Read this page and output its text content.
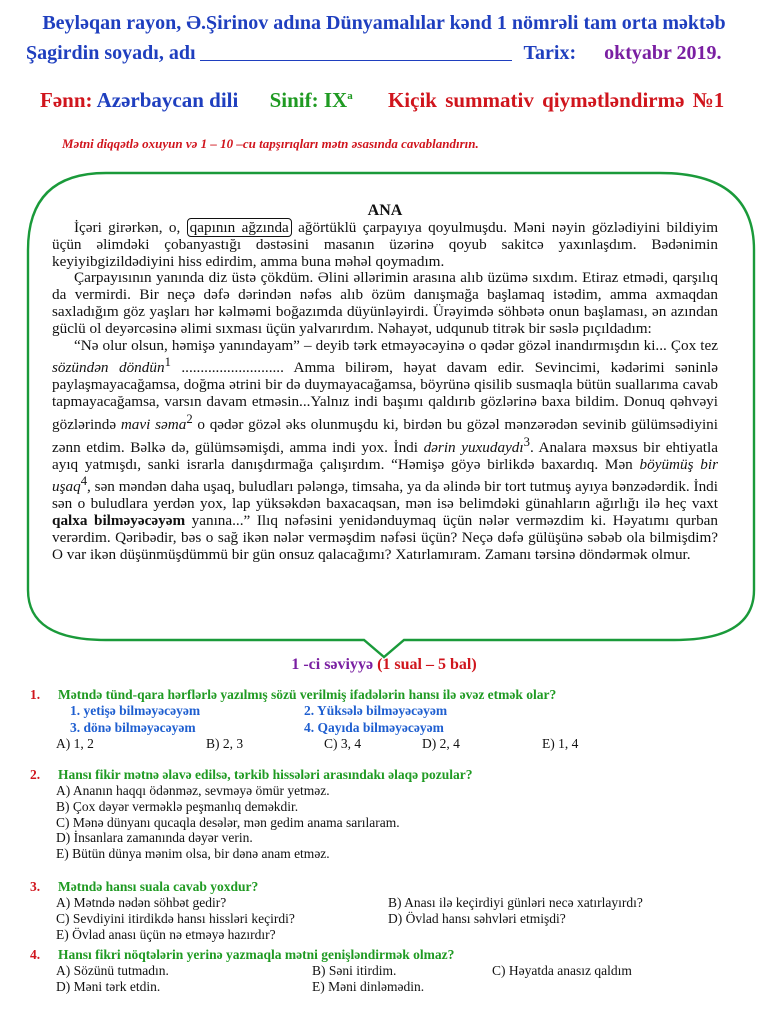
Beyləqan rayon, Ə.Şirinov adına Dünyamalılar kənd 1 nömrəli tam orta məktəb
Şagirdin soyadı, adı	Tarix: oktyabr 2019.
Fənn: Azərbaycan dili Sinif: $IX^a$ Kiçik summativ qiymətləndirmə №1
Mətni diqqətlə oxuyun və 1 – 10 –cu tapşırıqları mətn əsasında cavablandırın.
ANA

İçəri girərkən, o, qapının ağzında ağörtüklü çarpayıya qoyulmuşdu. Məni nəyin gözlədiyini bildiyim üçün əlimdəki çobanyastığı dəstəsini masanın üzərinə qoyub sakitcə yaxınlaşdım. Bədənimin keyiyibgizildədiyini hiss edirdim, amma buna məhəl qoymadım.

Çarpayısının yanında diz üstə çökdüm. Əlini əllərimin arasına alıb üzümə sıxdım. Etiraz etmədi, qarşılıq da vermirdi. Bir neçə dəfə dərindən nəfəs alıb özüm danışmağa başlamaq istədim, amma axmaqdan saxladığım göz yaşları hər kəlməmi boğazımda düyünləyirdi. Ürəyimdə söhbətə onun başlaması, ən azından güclü ol deyərcəsinə əlimi sıxması üçün yalvarırdım. Nəhayət, udqunub titrək bir səslə pıçıldadım:

“Nə olur olsun, həmişə yanındayam” – deyib tərk etməyəcəyinə o qədər gözəl inandırmışdın ki... Çox tez sözündən döndün$^1$ ........................... Amma bilirəm, həyat davam edir. Sevincimi, kədərimi səninlə paylaşmayacağamsa, doğma ətrini bir də duymayacağamsa, böyrünə qisilib susmaqla bütün suallarıma cavab tapmayacağamsa, varsın davam etməsin...Yalnız indi başımı qaldırıb gözlərinə baxa bildim. Donuq qəhvəyi gözlərində mavi səma$^2$ o qədər gözəl əks olunmuşdu ki, birdən bu gözəl mənzərədən sevinib gülümsədiyini zənn etdim. Bəlkə də, gülümsəmişdi, amma indi yox. İndi dərin yuxudaydı$^3$. Analara məxsus bir ehtiyatla ayıq yatmışdı, sanki israrla danışdırmağa çalışırdım. “Həmişə göyə birlikdə baxardıq. Mən böyümüş bir uşaq$^4$, sən məndən daha uşaq, buludları pələngə, timsaha, ya da əlində bir tort tutmuş ayıya bənzədərdik. İndi sən o buludlara yerdən yox, lap yüksəkdən baxacaqsan, mən isə belimdəki günahların ağırlığı ilə heç vaxt qalxa bilməyəcəyəm yanına...” Ilıq nəfəsini yenidənduymaq üçün nələr verməzdim ki. Həyatımı qurban verərdim. Qəribədir, bəs o sağ ikən nələr verməşdim nəfəsi üçün? Neçə dəfə gülüşünə səbəb ola bilmişdim? O var ikən düşünmüşdümmü bir gün onsuz qalacağımı? Xatırlamıram. Zamanı tərsinə döndərmək olmur.

1 -ci səviyyə (1 sual – 5 bal)
1. Mətndə tünd-qara hərflərlə yazılmış sözü verilmiş ifadələrin hansı ilə əvəz etmək olar?
1. yetişə bilməyəcəyəm	2. Yüksələ bilməyəcəyəm
3. dönə bilməyəcəyəm	4. Qayıda bilməyəcəyəm
A) 1, 2	B) 2, 3	C) 3, 4	D) 2, 4	E) 1, 4
2. Hansı fikir mətnə əlavə edilsə, tərkib hissələri arasındakı əlaqə pozular?
A) Ananın haqqı ödənməz, sevməyə ömür yetməz.
B) Çox dəyər verməklə peşmanlıq deməkdir.
C) Mənə dünyanı qucaqla desələr, mən gedim anama sarılaram.
D) İnsanlara zamanında dəyər verin.
E) Bütün dünya mənim olsa, bir dənə anam etməz.
3. Mətndə hansı suala cavab yoxdur?
A) Mətndə nədən söhbət gedir?	B) Anası ilə keçirdiyi günləri necə xatırlayırdı?
C) Sevdiyini itirdikdə hansı hissləri keçirdi?	D) Övlad hansı səhvləri etmişdi?
E) Övlad anası üçün nə etməyə hazırdır?
4. Hansı fikri nöqtələrin yerinə yazmaqla mətni genişləndirmək olmaz?
A) Sözünü tutmadın.	B) Səni itirdim.	C) Həyatda anasız qaldım
D) Məni tərk etdin.	E) Məni dinləmədin.
